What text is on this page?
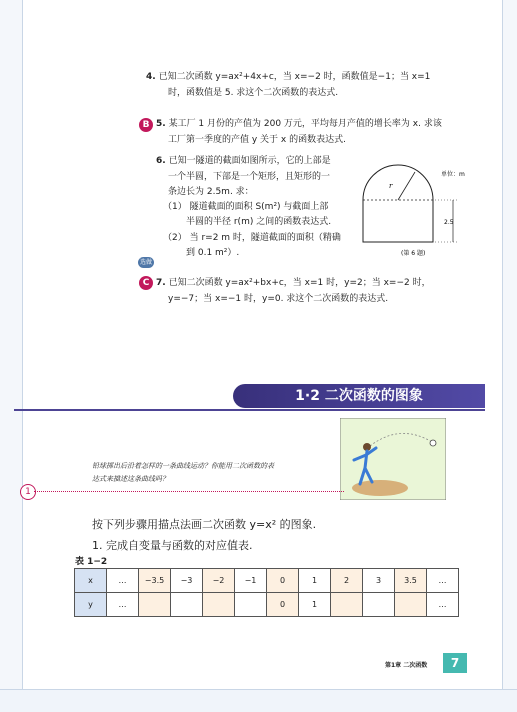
4. 已知二次函数 y=ax²+4x+c，当 x=−2 时，函数值是−1；当 x=1
时，函数值是 5. 求这个二次函数的表达式.
B 5. 某工厂 1 月份的产值为 200 万元，平均每月产值的增长率为 x. 求该
工厂第一季度的产值 y 关于 x 的函数表达式.
6. 已知一隧道的截面如图所示，它的上部是
一个半圆，下部是一个矩形，且矩形的一
条边长为 2.5m. 求：
（1） 隧道截面的面积 S(m²) 与截面上部
半圆的半径 r(m) 之间的函数表达式.
（2） 当 r=2 m 时，隧道截面的面积（精确
到 0.1 m²）.
r
单位：m
2.5
(第 6 题)
选做
C 7. 已知二次函数 y=ax²+bx+c，当 x=1 时，y=2；当 x=−2 时，
y=−7；当 x=−1 时，y=0. 求这个二次函数的表达式.
1·2 二次函数的图象
铅球掷出后沿着怎样的一条曲线运动？你能用二次函数的表
达式来描述这条曲线吗？
1
按下列步骤用描点法画二次函数 y=x² 的图象.
1. 完成自变量与函数的对应值表.
表 1−2
x	…	−3.5	−3	−2	−1	0	1	2	3	3.5	…
y	…					0	1				…
第1章 二次函数	7
